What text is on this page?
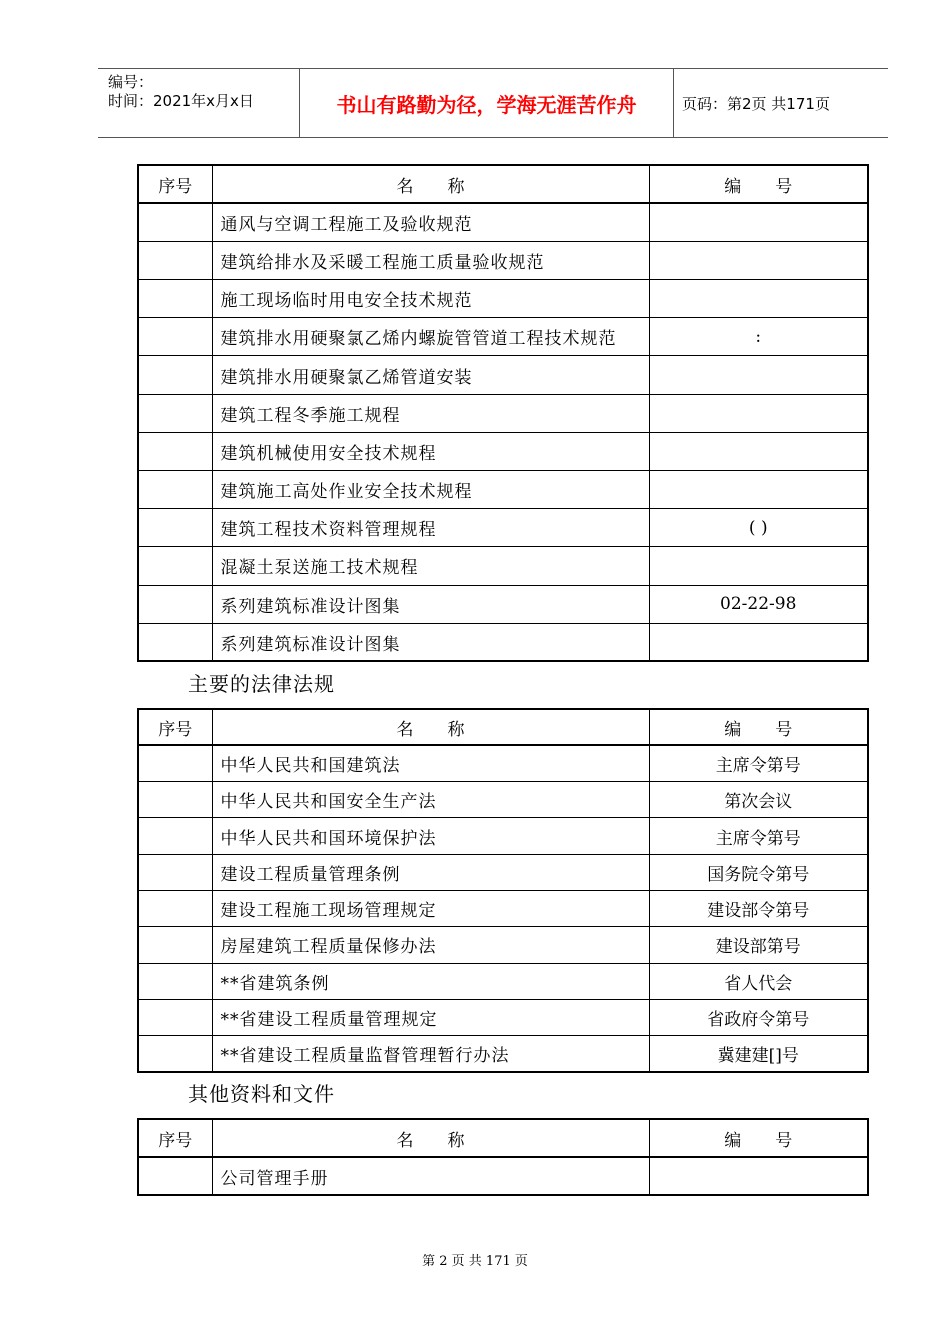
编号：
时间：2021年x月x日	书山有路勤为径，学海无涯苦作舟	页码：第2页 共171页
序号	名　　称	编　　号
	通风与空调工程施工及验收规范	
	建筑给排水及采暖工程施工质量验收规范	
	施工现场临时用电安全技术规范	
	建筑排水用硬聚氯乙烯内螺旋管管道工程技术规范	:
	建筑排水用硬聚氯乙烯管道安装	
	建筑工程冬季施工规程	
	建筑机械使用安全技术规程	
	建筑施工高处作业安全技术规程	
	建筑工程技术资料管理规程	( )
	混凝土泵送施工技术规程	
	系列建筑标准设计图集	02-22-98
	系列建筑标准设计图集	
主要的法律法规
序号	名　　称	编　　号
	中华人民共和国建筑法	主席令第号
	中华人民共和国安全生产法	第次会议
	中华人民共和国环境保护法	主席令第号
	建设工程质量管理条例	国务院令第号
	建设工程施工现场管理规定	建设部令第号
	房屋建筑工程质量保修办法	建设部第号
	**省建筑条例	省人代会
	**省建设工程质量管理规定	省政府令第号
	**省建设工程质量监督管理暂行办法	冀建建[]号
其他资料和文件
序号	名　　称	编　　号
	公司管理手册	
第 2 页 共 171 页
